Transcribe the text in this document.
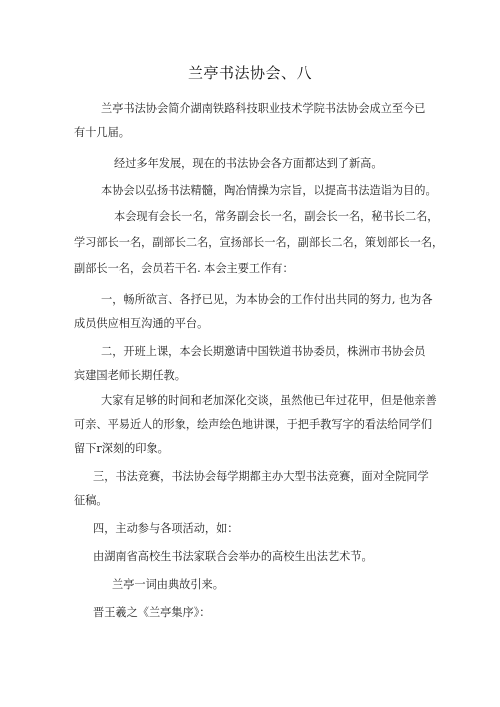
兰亭书法协会、八
兰亭书法协会简介湖南铁路科技职业技术学院书法协会成立至今已
有十几届。
经过多年发展，现在的书法协会各方面都达到了新高。
本协会以弘扬书法精髓，陶冶情操为宗旨，以提高书法造诣为目的。
本会现有会长一名，常务副会长一名，副会长一名，秘书长二名，
学习部长一名，副部长二名，宣扬部长一名，副部长二名，策划部长一名，
副部长一名，会员若干名. 本会主要工作有：
一，畅所欲言、各抒已见，为本协会的工作付出共同的努力, 也为各
成员供应相互沟通的平台。
二，开班上课，本会长期邀请中国铁道书协委员，株洲市书协会员
宾建国老师长期任教。
大家有足够的时间和老加深化交谈，虽然他已年过花甲，但是他亲善
可亲、平易近人的形象，绘声绘色地讲课，于把手教写字的看法给同学们
留下r深刻的印象。
三，书法竞赛，书法协会每学期都主办大型书法竞赛，面对全院同学
征稿。
四，主动参与各项活动，如：
由湖南省高校生书法家联合会举办的高校生出法艺术节。
兰亭一词由典故引来。
晋王羲之《兰亭集序》：
